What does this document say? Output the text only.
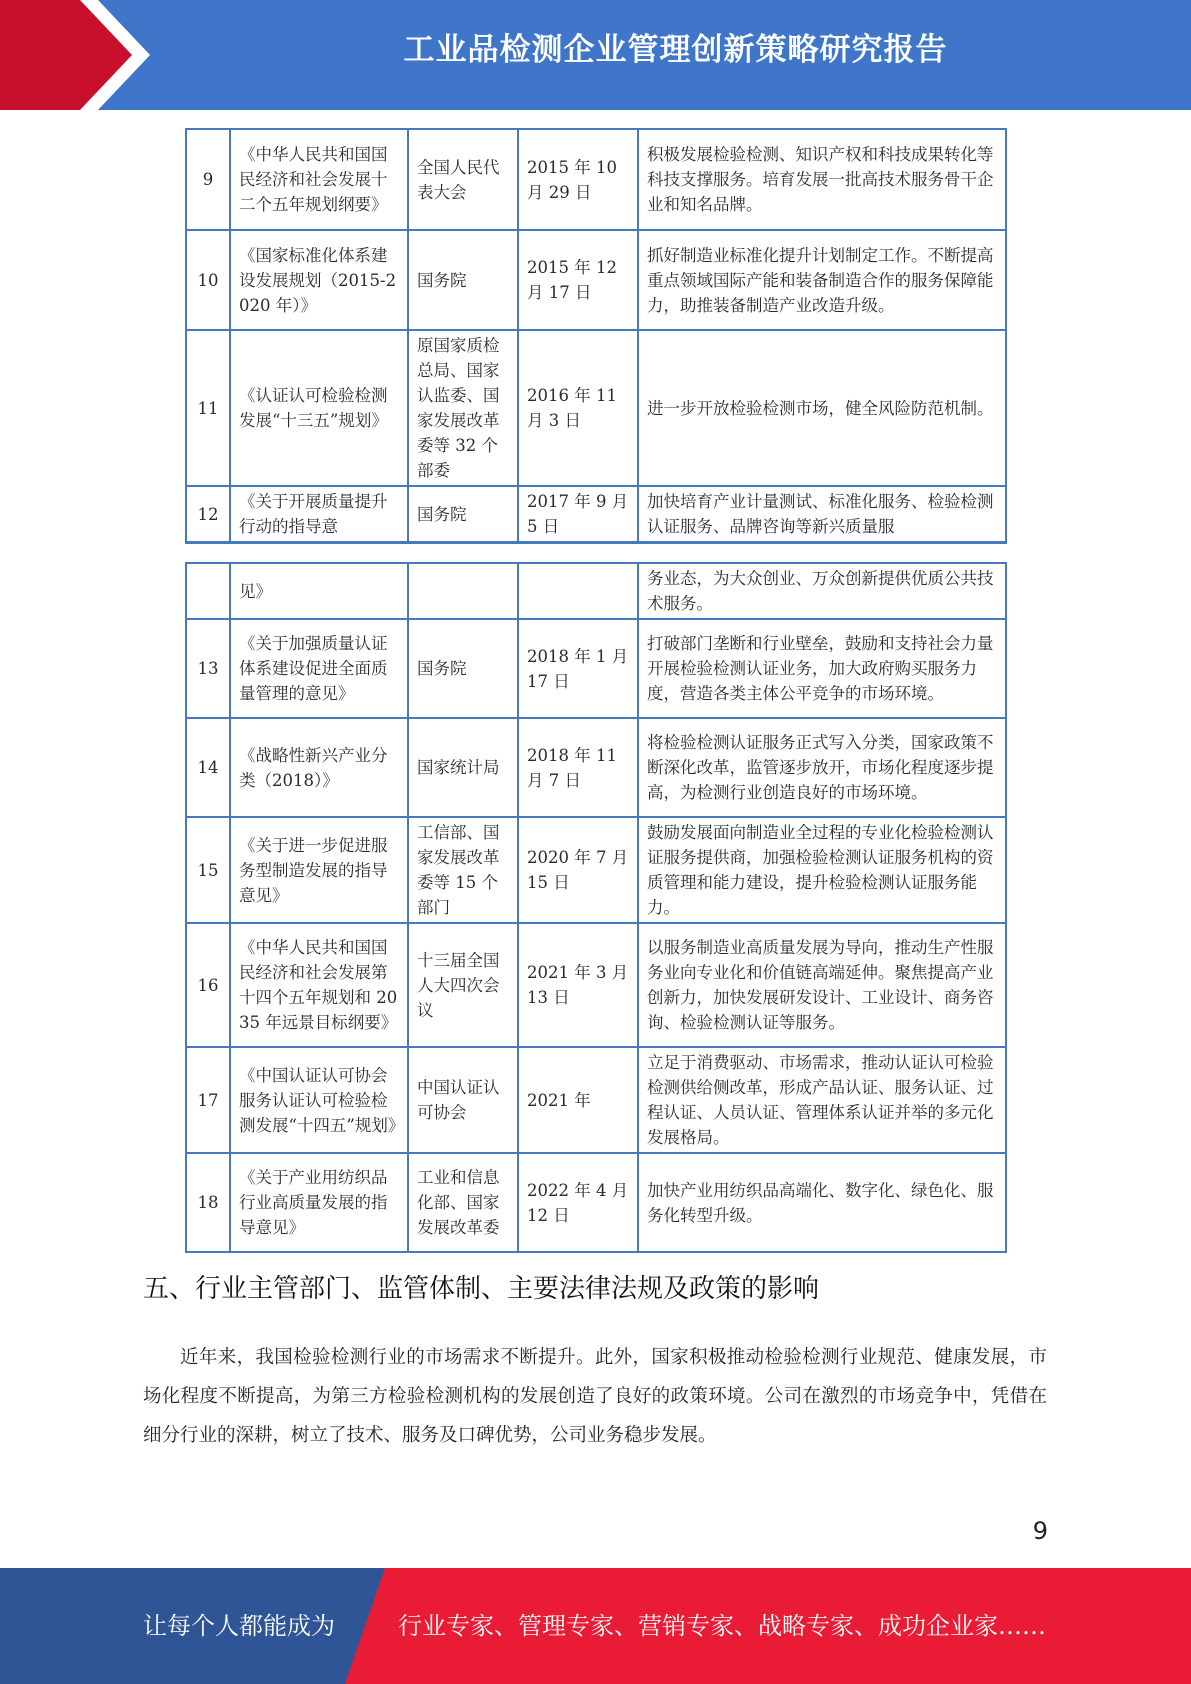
工业品检测企业管理创新策略研究报告
9	《中华人民共和国国民经济和社会发展十二个五年规划纲要》	全国人民代表大会	2015 年 10 月 29 日	积极发展检验检测、知识产权和科技成果转化等科技支撑服务。培育发展一批高技术服务骨干企业和知名品牌。
10	《国家标准化体系建设发展规划（2015-2020 年）》	国务院	2015 年 12 月 17 日	抓好制造业标准化提升计划制定工作。不断提高重点领域国际产能和装备制造合作的服务保障能力，助推装备制造产业改造升级。
11	《认证认可检验检测发展“十三五”规划》	原国家质检总局、国家认监委、国家发展改革委等 32 个部委	2016 年 11 月 3 日	进一步开放检验检测市场，健全风险防范机制。
12	《关于开展质量提升行动的指导意	国务院	2017 年 9 月 5 日	加快培育产业计量测试、标准化服务、检验检测认证服务、品牌咨询等新兴质量服
	见》			务业态，为大众创业、万众创新提供优质公共技术服务。
13	《关于加强质量认证体系建设促进全面质量管理的意见》	国务院	2018 年 1 月 17 日	打破部门垄断和行业壁垒，鼓励和支持社会力量开展检验检测认证业务，加大政府购买服务力度，营造各类主体公平竞争的市场环境。
14	《战略性新兴产业分类（2018）》	国家统计局	2018 年 11 月 7 日	将检验检测认证服务正式写入分类，国家政策不断深化改革，监管逐步放开，市场化程度逐步提高，为检测行业创造良好的市场环境。
15	《关于进一步促进服务型制造发展的指导意见》	工信部、国家发展改革委等 15 个部门	2020 年 7 月 15 日	鼓励发展面向制造业全过程的专业化检验检测认证服务提供商，加强检验检测认证服务机构的资质管理和能力建设，提升检验检测认证服务能力。
16	《中华人民共和国国民经济和社会发展第十四个五年规划和 2035 年远景目标纲要》	十三届全国人大四次会议	2021 年 3 月 13 日	以服务制造业高质量发展为导向，推动生产性服务业向专业化和价值链高端延伸。聚焦提高产业创新力，加快发展研发设计、工业设计、商务咨询、检验检测认证等服务。
17	《中国认证认可协会服务认证认可检验检测发展“十四五”规划》	中国认证认可协会	2021 年	立足于消费驱动、市场需求，推动认证认可检验检测供给侧改革，形成产品认证、服务认证、过程认证、人员认证、管理体系认证并举的多元化发展格局。
18	《关于产业用纺织品行业高质量发展的指导意见》	工业和信息化部、国家发展改革委	2022 年 4 月 12 日	加快产业用纺织品高端化、数字化、绿色化、服务化转型升级。
五、行业主管部门、监管体制、主要法律法规及政策的影响

近年来，我国检验检测行业的市场需求不断提升。此外，国家积极推动检验检测行业规范、健康发展，市场化程度不断提高，为第三方检验检测机构的发展创造了良好的政策环境。公司在激烈的市场竞争中，凭借在细分行业的深耕，树立了技术、服务及口碑优势，公司业务稳步发展。

9
让每个人都能成为	行业专家、管理专家、营销专家、战略专家、成功企业家……
